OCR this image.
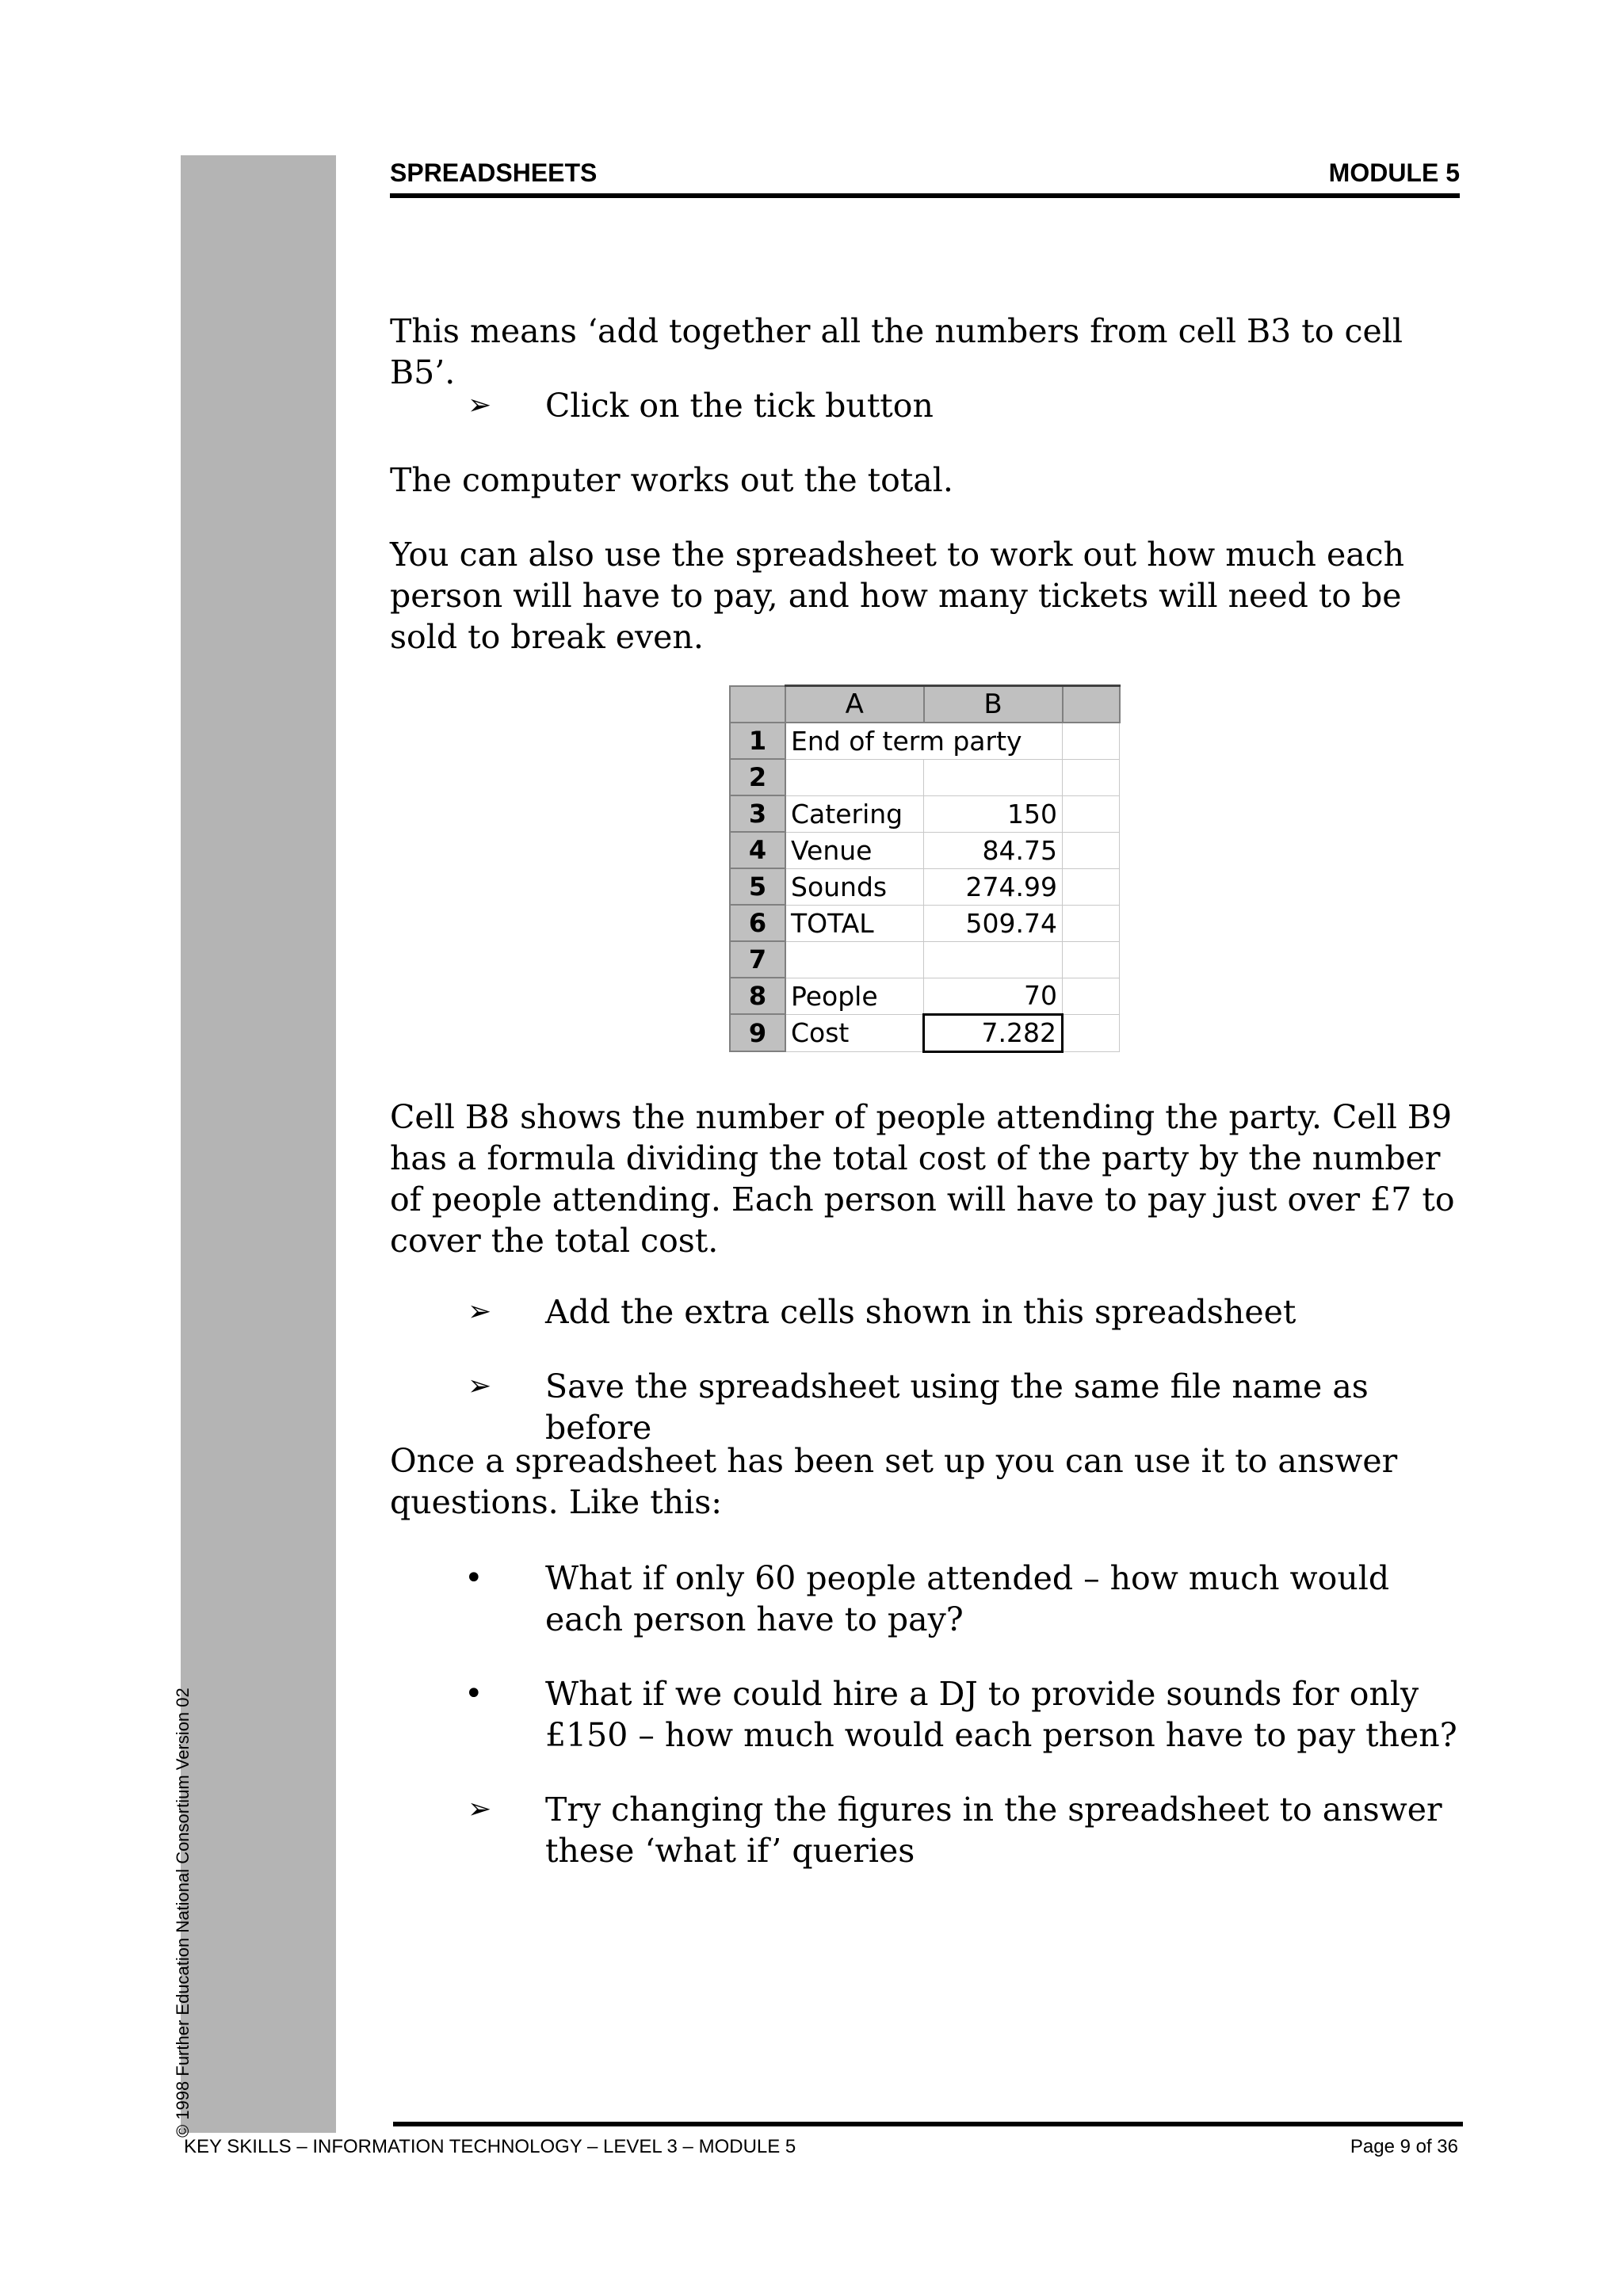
© 1998 Further Education National Consortium Version 02
SPREADSHEETS	MODULE 5
This means ‘add together all the numbers from cell B3 to cell B5’.
➢	Click on the tick button
The computer works out the total.
You can also use the spreadsheet to work out how much each person will have to pay, and how many tickets will need to be sold to break even.
	A	B	
1	End of term party		
2			
3	Catering	150	
4	Venue	84.75	
5	Sounds	274.99	
6	TOTAL	509.74	
7			
8	People	70	
9	Cost	7.282	
Cell B8 shows the number of people attending the party. Cell B9 has a formula dividing the total cost of the party by the number of people attending. Each person will have to pay just over £7 to cover the total cost.
➢	Add the extra cells shown in this spreadsheet
➢	Save the spreadsheet using the same file name as before
Once a spreadsheet has been set up you can use it to answer questions. Like this:
•	What if only 60 people attended – how much would each person have to pay?
•	What if we could hire a DJ to provide sounds for only £150 – how much would each person have to pay then?
➢	Try changing the figures in the spreadsheet to answer these ‘what if’ queries
KEY SKILLS – INFORMATION TECHNOLOGY – LEVEL 3 – MODULE 5	Page 9 of 36
